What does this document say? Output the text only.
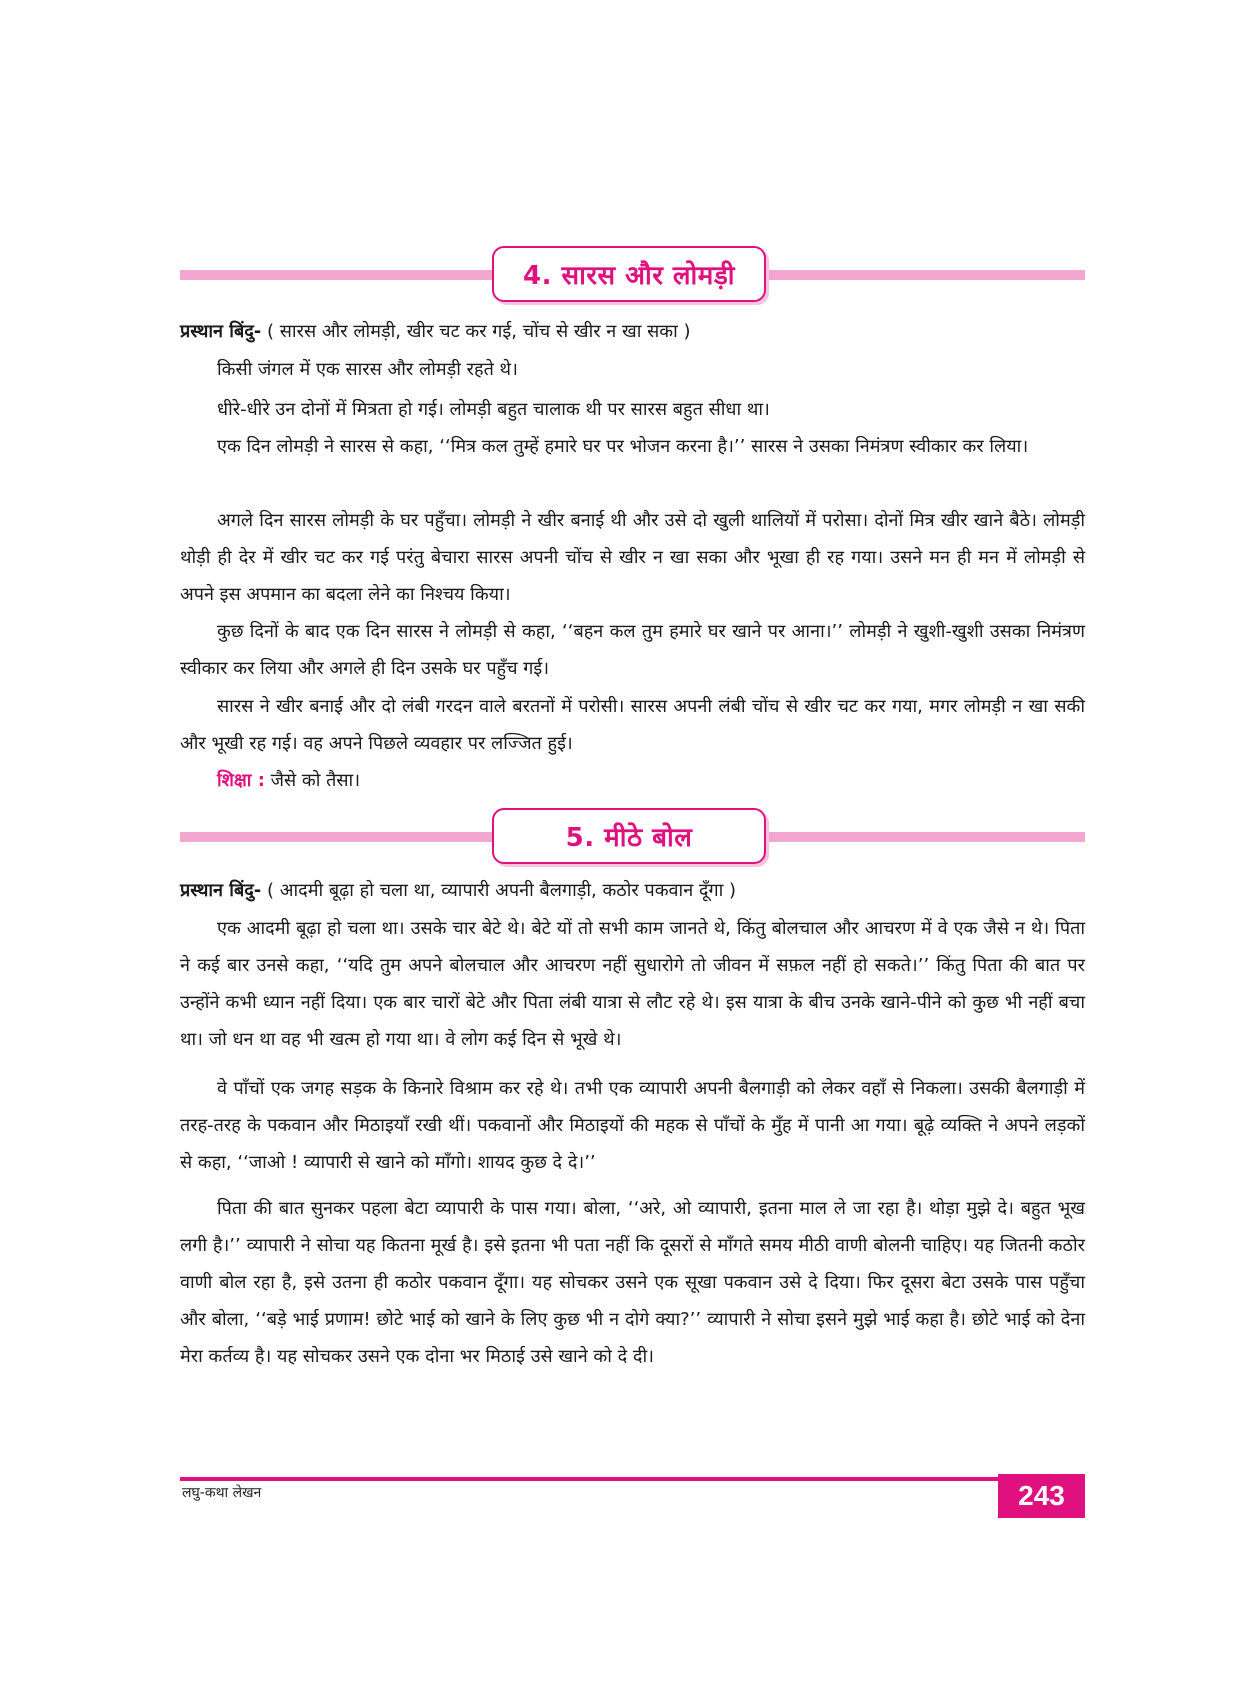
4. सारस और लोमड़ी
प्रस्थान बिंदु- ( सारस और लोमड़ी, खीर चट कर गई, चोंच से खीर न खा सका )

किसी जंगल में एक सारस और लोमड़ी रहते थे।

धीरे-धीरे उन दोनों में मित्रता हो गई। लोमड़ी बहुत चालाक थी पर सारस बहुत सीधा था।

एक दिन लोमड़ी ने सारस से कहा, ‘‘मित्र कल तुम्हें हमारे घर पर भोजन करना है।’’ सारस ने उसका निमंत्रण स्वीकार कर लिया।

अगले दिन सारस लोमड़ी के घर पहुँचा। लोमड़ी ने खीर बनाई थी और उसे दो खुली थालियों में परोसा। दोनों मित्र खीर खाने बैठे। लोमड़ी थोड़ी ही देर में खीर चट कर गई परंतु बेचारा सारस अपनी चोंच से खीर न खा सका और भूखा ही रह गया। उसने मन ही मन में लोमड़ी से अपने इस अपमान का बदला लेने का निश्चय किया।

कुछ दिनों के बाद एक दिन सारस ने लोमड़ी से कहा, ‘‘बहन कल तुम हमारे घर खाने पर आना।’’ लोमड़ी ने खुशी-खुशी उसका निमंत्रण स्वीकार कर लिया और अगले ही दिन उसके घर पहुँच गई।

सारस ने खीर बनाई और दो लंबी गरदन वाले बरतनों में परोसी। सारस अपनी लंबी चोंच से खीर चट कर गया, मगर लोमड़ी न खा सकी और भूखी रह गई। वह अपने पिछले व्यवहार पर लज्जित हुई।

शिक्षा : जैसे को तैसा।
5. मीठे बोल
प्रस्थान बिंदु- ( आदमी बूढ़ा हो चला था, व्यापारी अपनी बैलगाड़ी, कठोर पकवान दूँगा )

एक आदमी बूढ़ा हो चला था। उसके चार बेटे थे। बेटे यों तो सभी काम जानते थे, किंतु बोलचाल और आचरण में वे एक जैसे न थे। पिता ने कई बार उनसे कहा, ‘‘यदि तुम अपने बोलचाल और आचरण नहीं सुधारोगे तो जीवन में सफ़ल नहीं हो सकते।’’ किंतु पिता की बात पर उन्होंने कभी ध्यान नहीं दिया। एक बार चारों बेटे और पिता लंबी यात्रा से लौट रहे थे। इस यात्रा के बीच उनके खाने-पीने को कुछ भी नहीं बचा था। जो धन था वह भी खत्म हो गया था। वे लोग कई दिन से भूखे थे।

वे पाँचों एक जगह सड़क के किनारे विश्राम कर रहे थे। तभी एक व्यापारी अपनी बैलगाड़ी को लेकर वहाँ से निकला। उसकी बैलगाड़ी में तरह-तरह के पकवान और मिठाइयाँ रखी थीं। पकवानों और मिठाइयों की महक से पाँचों के मुँह में पानी आ गया। बूढ़े व्यक्ति ने अपने लड़कों से कहा, ‘‘जाओ ! व्यापारी से खाने को माँगो। शायद कुछ दे दे।’’

पिता की बात सुनकर पहला बेटा व्यापारी के पास गया। बोला, ‘‘अरे, ओ व्यापारी, इतना माल ले जा रहा है। थोड़ा मुझे दे। बहुत भूख लगी है।’’ व्यापारी ने सोचा यह कितना मूर्ख है। इसे इतना भी पता नहीं कि दूसरों से माँगते समय मीठी वाणी बोलनी चाहिए। यह जितनी कठोर वाणी बोल रहा है, इसे उतना ही कठोर पकवान दूँगा। यह सोचकर उसने एक सूखा पकवान उसे दे दिया। फिर दूसरा बेटा उसके पास पहुँचा और बोला, ‘‘बड़े भाई प्रणाम! छोटे भाई को खाने के लिए कुछ भी न दोगे क्या?’’ व्यापारी ने सोचा इसने मुझे भाई कहा है। छोटे भाई को देना मेरा कर्तव्य है। यह सोचकर उसने एक दोना भर मिठाई उसे खाने को दे दी।

लघु-कथा लेखन	243
